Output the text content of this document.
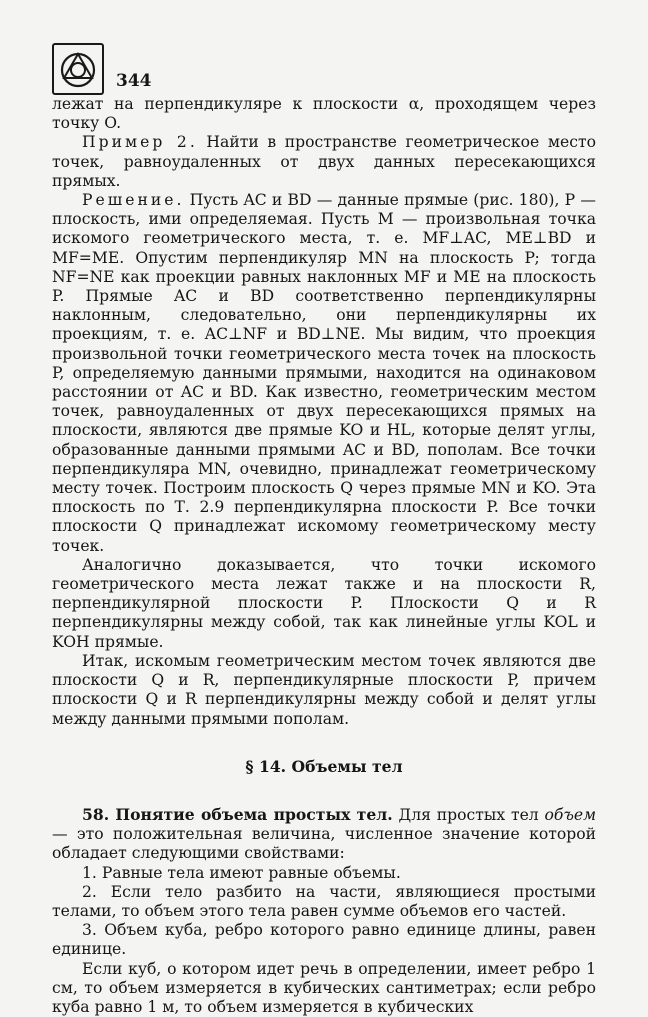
344

лежат на перпендикуляре к плоскости α, проходящем через точку O.

Пример 2. Найти в пространстве геометрическое место точек, равноудаленных от двух данных пересекающихся прямых.

Решение. Пусть AC и BD — данные прямые (рис. 180), P — плоскость, ими определяемая. Пусть M — произвольная точка искомого геометрического места, т. е. MF⊥AC, ME⊥BD и MF=ME. Опустим перпендикуляр MN на плоскость P; тогда NF=NE как проекции равных наклонных MF и ME на плоскость P. Прямые AC и BD соответственно перпендикулярны наклонным, следовательно, они перпендикулярны их проекциям, т. е. AC⊥NF и BD⊥NE. Мы видим, что проекция произвольной точки геометрического места точек на плоскость P, определяемую данными прямыми, находится на одинаковом расстоянии от AC и BD. Как известно, геометрическим местом точек, равноудаленных от двух пересекающихся прямых на плоскости, являются две прямые KO и HL, которые делят углы, образованные данными прямыми AC и BD, пополам. Все точки перпендикуляра MN, очевидно, принадлежат геометрическому месту точек. Построим плоскость Q через прямые MN и KO. Эта плоскость по Т. 2.9 перпендикулярна плоскости P. Все точки плоскости Q принадлежат искомому геометрическому месту точек.

Аналогично доказывается, что точки искомого геометрического места лежат также и на плоскости R, перпендикулярной плоскости P. Плоскости Q и R перпендикулярны между собой, так как линейные углы KOL и KOH прямые.

Итак, искомым геометрическим местом точек являются две плоскости Q и R, перпендикулярные плоскости P, причем плоскости Q и R перпендикулярны между собой и делят углы между данными прямыми пополам.

§ 14. Объемы тел

58. Понятие объема простых тел. Для простых тел объем — это положительная величина, численное значение которой обладает следующими свойствами:

1. Равные тела имеют равные объемы.

2. Если тело разбито на части, являющиеся простыми телами, то объем этого тела равен сумме объемов его частей.

3. Объем куба, ребро которого равно единице длины, равен единице.

Если куб, о котором идет речь в определении, имеет ребро 1 см, то объем измеряется в кубических сантиметрах; если ребро куба равно 1 м, то объем измеряется в кубических
